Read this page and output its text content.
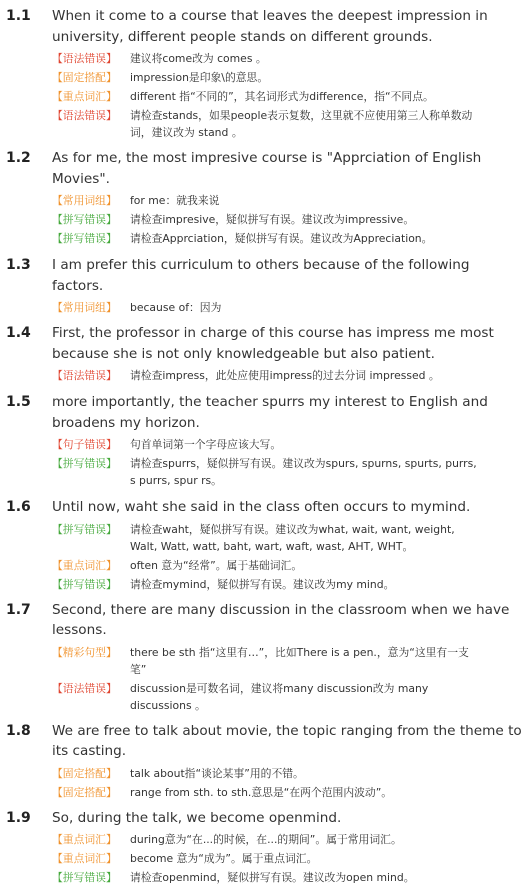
1.1	When it come to a course that leaves the deepest impression in university, different people stands on different grounds.
【语法错误】	建议将come改为 comes 。
【固定搭配】	impression是印象\的意思。
【重点词汇】	different 指“不同的”，其名词形式为difference，指“不同点。
【语法错误】	请检查stands，如果people表示复数，这里就不应使用第三人称单数动词，建议改为 stand 。
1.2	As for me, the most impresive course is "Apprciation of English Movies".
【常用词组】	for me：就我来说
【拼写错误】	请检查impresive，疑似拼写有误。建议改为impressive。
【拼写错误】	请检查Apprciation，疑似拼写有误。建议改为Appreciation。
1.3	I am prefer this curriculum to others because of the following factors.
【常用词组】	because of：因为
1.4	First, the professor in charge of this course has impress me most because she is not only knowledgeable but also patient.
【语法错误】	请检查impress，此处应使用impress的过去分词 impressed 。
1.5	more importantly, the teacher spurrs my interest to English and broadens my horizon.
【句子错误】	句首单词第一个字母应该大写。
【拼写错误】	请检查spurrs，疑似拼写有误。建议改为spurs, spurns, spurts, purrs, s purrs, spur rs。
1.6	Until now, waht she said in the class often occurs to mymind.
【拼写错误】	请检查waht，疑似拼写有误。建议改为what, wait, want, weight, Walt, Watt, watt, baht, wart, waft, wast, AHT, WHT。
【重点词汇】	often 意为“经常”。属于基础词汇。
【拼写错误】	请检查mymind，疑似拼写有误。建议改为my mind。
1.7	Second, there are many discussion in the classroom when we have lessons.
【精彩句型】	there be sth 指“这里有…”，比如There is a pen.，意为“这里有一支笔”
【语法错误】	discussion是可数名词，建议将many discussion改为 many discussions 。
1.8	We are free to talk about movie, the topic ranging from the theme to its casting.
【固定搭配】	talk about指“谈论某事”用的不错。
【固定搭配】	range from sth. to sth.意思是“在两个范围内波动”。
1.9	So, during the talk, we become openmind.
【重点词汇】	during意为“在...的时候，在...的期间”。属于常用词汇。
【重点词汇】	become 意为“成为”。属于重点词汇。
【拼写错误】	请检查openmind，疑似拼写有误。建议改为open mind。
